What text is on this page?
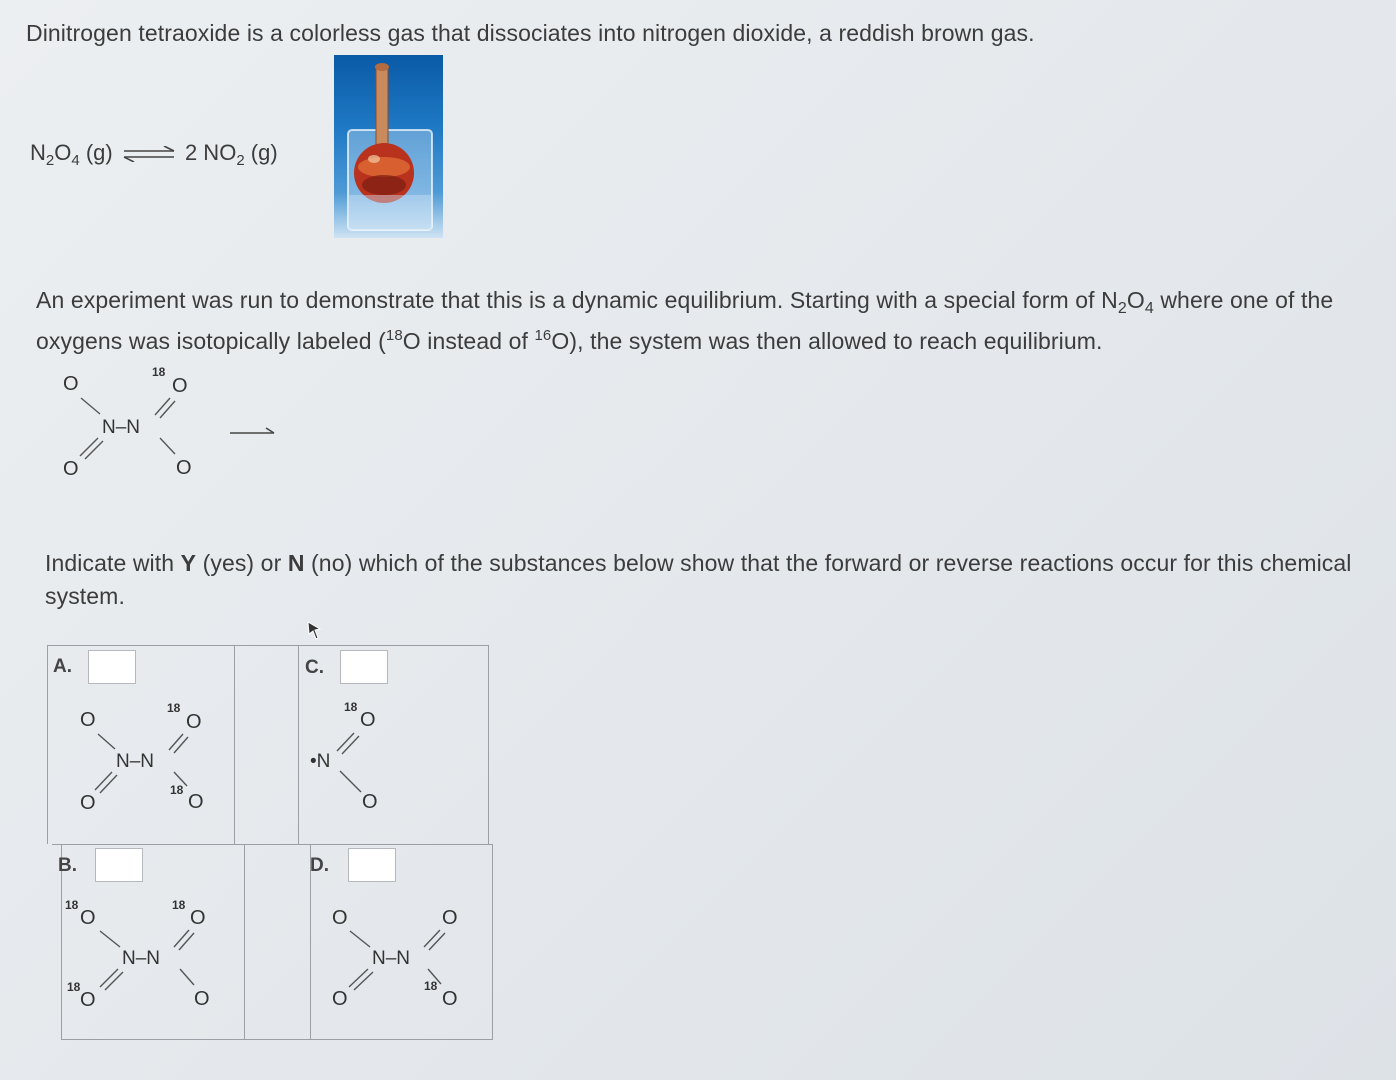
Dinitrogen tetraoxide is a colorless gas that dissociates into nitrogen dioxide, a reddish brown gas.
$N_2O_4$ (g) ⇌ 2 $NO_2$ (g)
An experiment was run to demonstrate that this is a dynamic equilibrium. Starting with a special form of $N_2O_4$ where one of the oxygens was isotopically labeled ($^{18}$O instead of $^{16}$O), the system was then allowed to reach equilibrium.
O
18
O
N–N
O	O
Indicate with Y (yes) or N (no) which of the substances below show that the forward or reverse reactions occur for this chemical system.
A.
O
18
O
N–N
O
18
O
C.
18
O
•N
O
B.
18
O
18
O
N–N
18
O	O
D.
O	O
N–N
O
18
O
